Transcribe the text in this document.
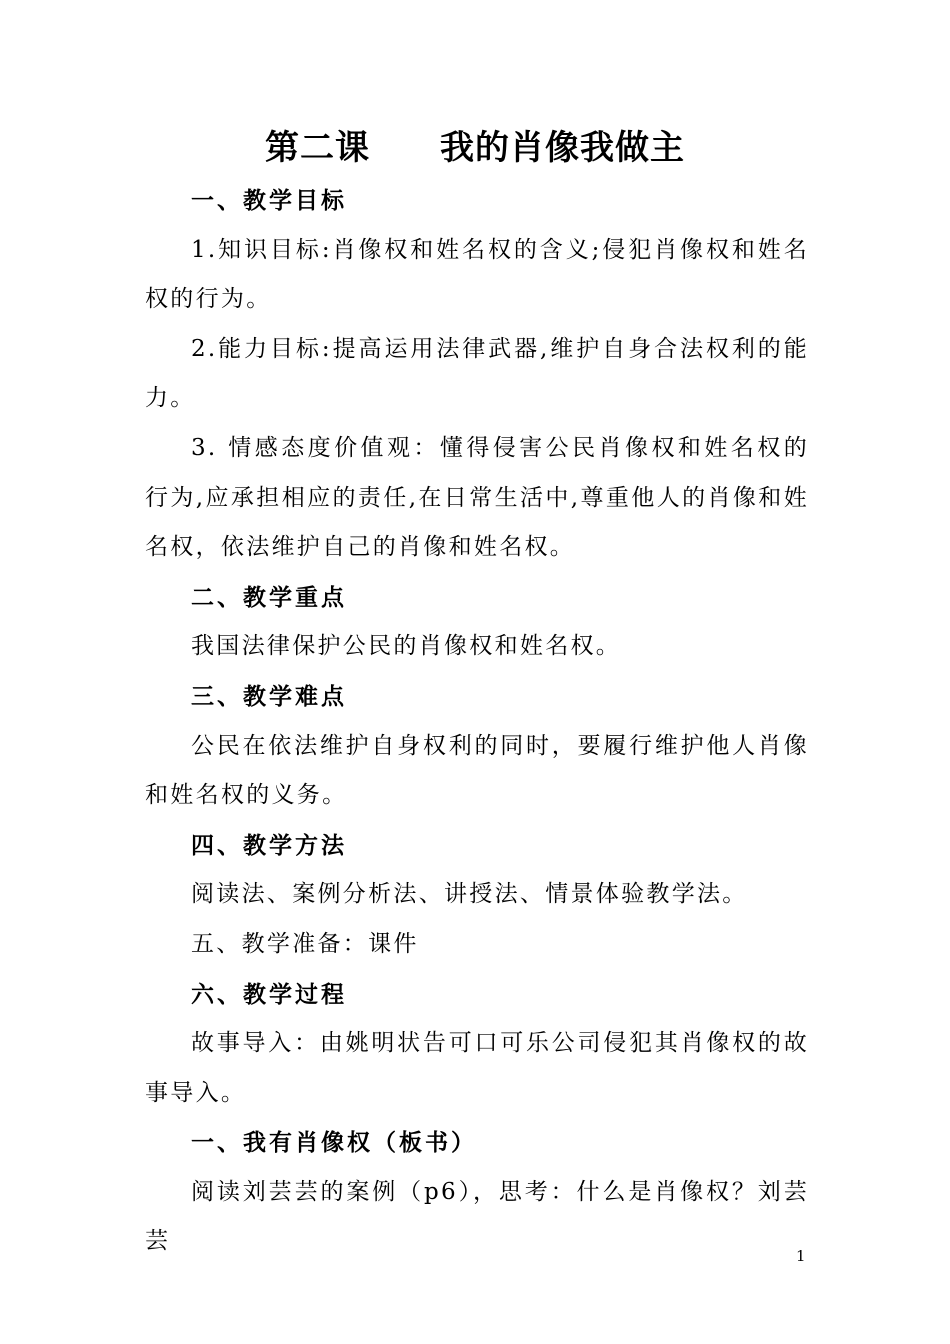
第二课　　我的肖像我做主

一、教学目标

1.知识目标:肖像权和姓名权的含义;侵犯肖像权和姓名权的行为。

2.能力目标:提高运用法律武器,维护自身合法权利的能力。

3. 情感态度价值观：懂得侵害公民肖像权和姓名权的行为,应承担相应的责任,在日常生活中,尊重他人的肖像和姓名权，依法维护自己的肖像和姓名权。

二、教学重点

我国法律保护公民的肖像权和姓名权。

三、教学难点

公民在依法维护自身权利的同时，要履行维护他人肖像和姓名权的义务。

四、教学方法

阅读法、案例分析法、讲授法、情景体验教学法。

五、教学准备：课件

六、教学过程

故事导入：由姚明状告可口可乐公司侵犯其肖像权的故事导入。

一、我有肖像权（板书）

阅读刘芸芸的案例（p6），思考：什么是肖像权？刘芸芸

1
